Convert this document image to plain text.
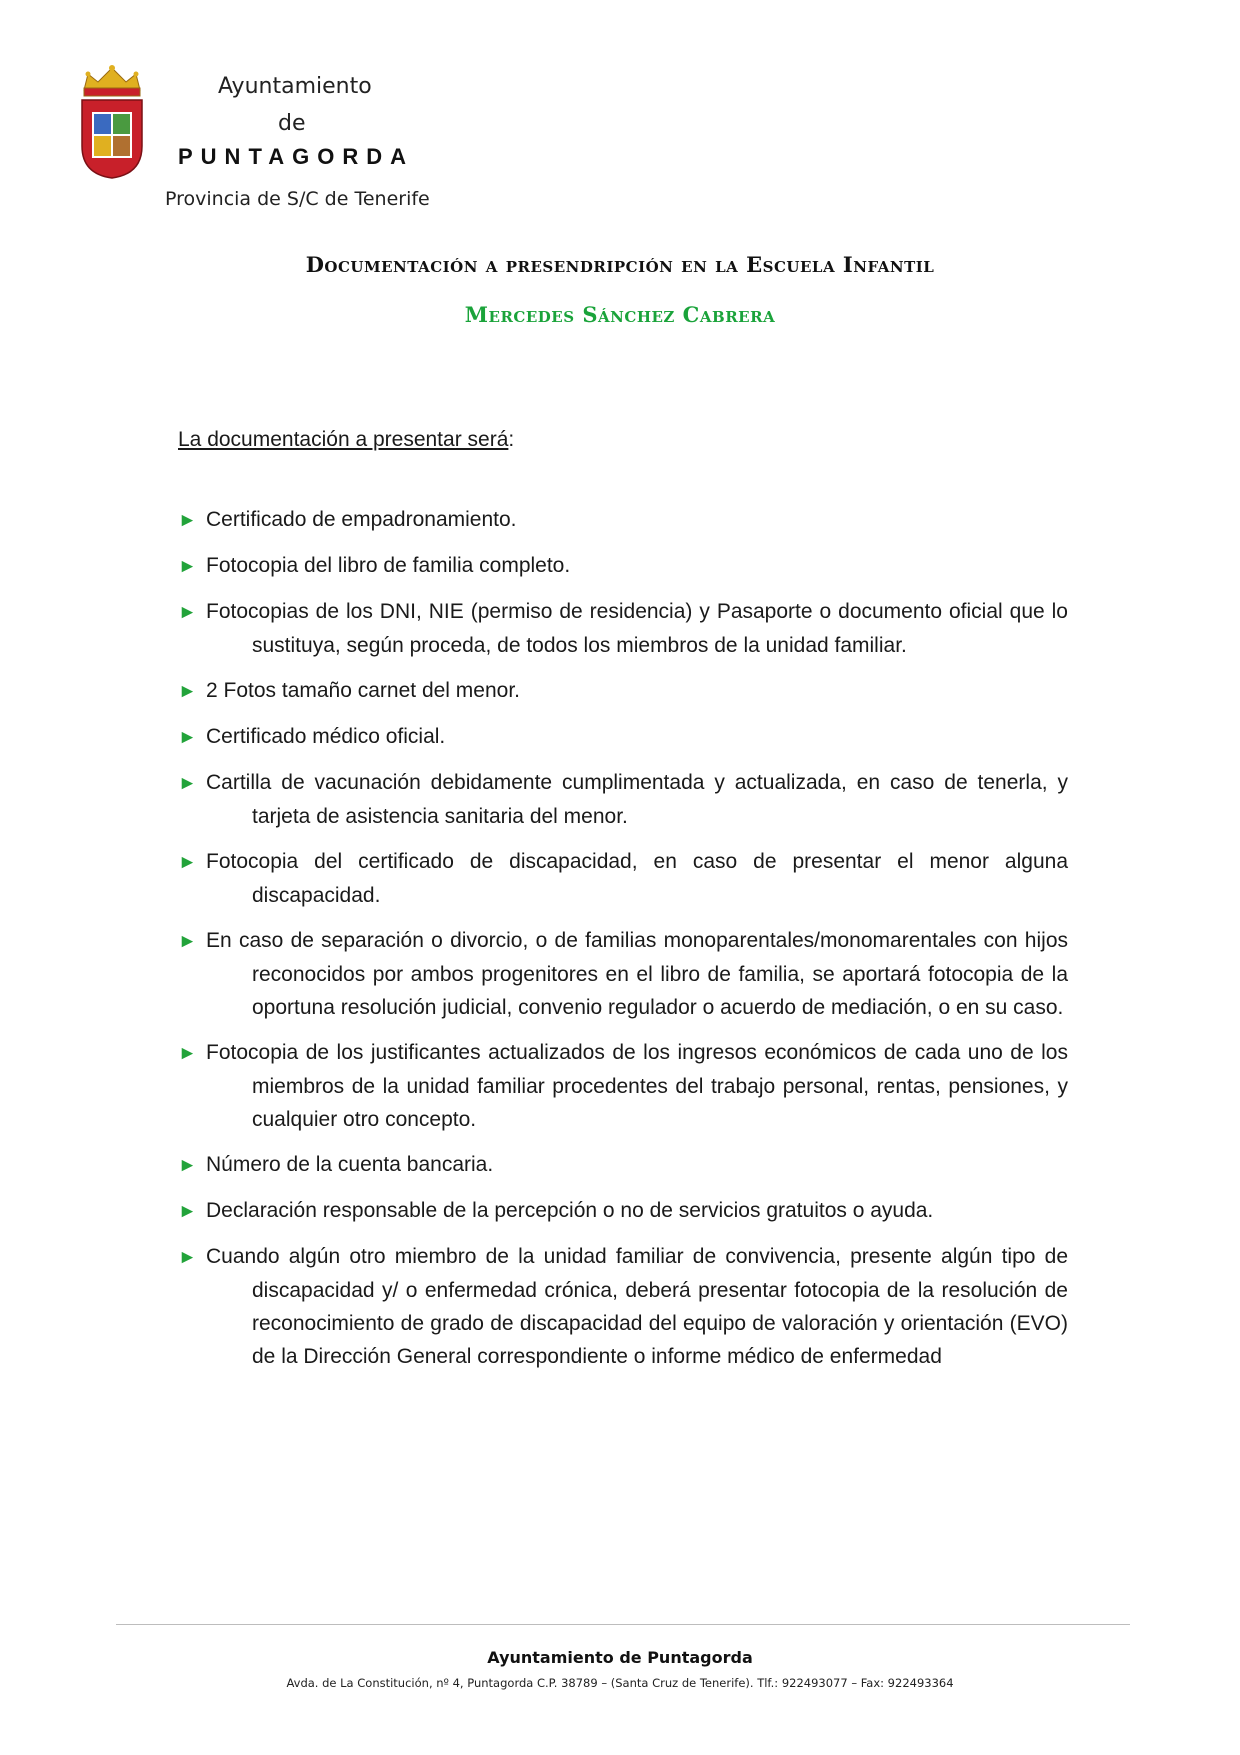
Ayuntamiento
de
PUNTAGORDA
Provincia de S/C de Tenerife
Documentación a presendripción en la Escuela Infantil
Mercedes Sánchez Cabrera
La documentación a presentar será:
► Certificado de empadronamiento.
► Fotocopia del libro de familia completo.
► Fotocopias de los DNI, NIE (permiso de residencia) y Pasaporte o documento oficial que lo sustituya, según proceda, de todos los miembros de la unidad familiar.
► 2 Fotos tamaño carnet del menor.
► Certificado médico oficial.
► Cartilla de vacunación debidamente cumplimentada y actualizada, en caso de tenerla, y tarjeta de asistencia sanitaria del menor.
► Fotocopia del certificado de discapacidad, en caso de presentar el menor alguna discapacidad.
► En caso de separación o divorcio, o de familias monoparentales/monomarentales con hijos reconocidos por ambos progenitores en el libro de familia, se aportará fotocopia de la oportuna resolución judicial, convenio regulador o acuerdo de mediación, o en su caso.
► Fotocopia de los justificantes actualizados de los ingresos económicos de cada uno de los miembros de la unidad familiar procedentes del trabajo personal, rentas, pensiones, y cualquier otro concepto.
► Número de la cuenta bancaria.
► Declaración responsable de la percepción o no de servicios gratuitos o ayuda.
► Cuando algún otro miembro de la unidad familiar de convivencia, presente algún tipo de discapacidad y/ o enfermedad crónica, deberá presentar fotocopia de la resolución de reconocimiento de grado de discapacidad del equipo de valoración y orientación (EVO) de la Dirección General correspondiente o informe médico de enfermedad
Ayuntamiento de Puntagorda
Avda. de La Constitución, nº 4, Puntagorda C.P. 38789 – (Santa Cruz de Tenerife). Tlf.: 922493077 – Fax: 922493364
